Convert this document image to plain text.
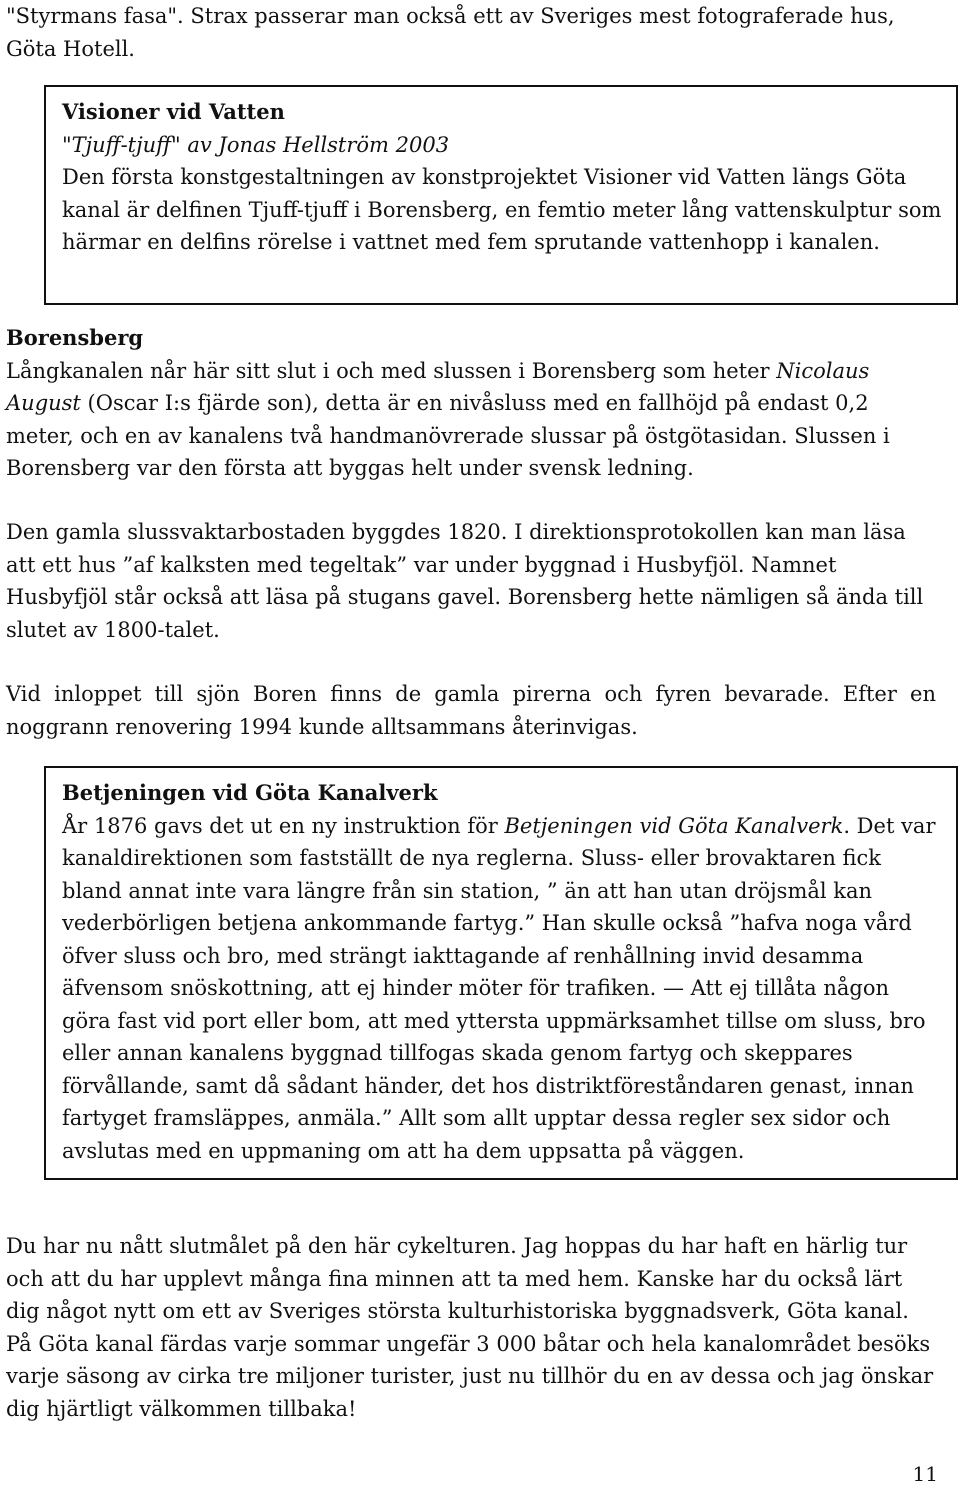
"Styrmans fasa". Strax passerar man också ett av Sveriges mest fotograferade hus,
Göta Hotell.

Visioner vid Vatten
"Tjuff-tjuff" av Jonas Hellström 2003
Den första konstgestaltningen av konstprojektet Visioner vid Vatten längs Göta kanal är delfinen Tjuff-tjuff i Borensberg, en femtio meter lång vattenskulptur som härmar en delfins rörelse i vattnet med fem sprutande vattenhopp i kanalen.
Borensberg
Långkanalen når här sitt slut i och med slussen i Borensberg som heter Nicolaus August (Oscar I:s fjärde son), detta är en nivåsluss med en fallhöjd på endast 0,2 meter, och en av kanalens två handmanövrerade slussar på östgötasidan. Slussen i Borensberg var den första att byggas helt under svensk ledning.

Den gamla slussvaktarbostaden byggdes 1820. I direktionsprotokollen kan man läsa att ett hus ”af kalksten med tegeltak” var under byggnad i Husbyfjöl. Namnet Husbyfjöl står också att läsa på stugans gavel. Borensberg hette nämligen så ända till slutet av 1800-talet.

Vid inloppet till sjön Boren finns de gamla pirerna och fyren bevarade. Efter en noggrann renovering 1994 kunde alltsammans återinvigas.

Betjeningen vid Göta Kanalverk
År 1876 gavs det ut en ny instruktion för Betjeningen vid Göta Kanalverk. Det var kanaldirektionen som fastställt de nya reglerna. Sluss- eller brovaktaren fick bland annat inte vara längre från sin station, ” än att han utan dröjsmål kan vederbörligen betjena ankommande fartyg.” Han skulle också ”hafva noga vård öfver sluss och bro, med strängt iakttagande af renhållning invid desamma äfvensom snöskottning, att ej hinder möter för trafiken. — Att ej tillåta någon göra fast vid port eller bom, att med yttersta uppmärksamhet tillse om sluss, bro eller annan kanalens byggnad tillfogas skada genom fartyg och skeppares förvållande, samt då sådant händer, det hos distriktföreståndaren genast, innan fartyget framsläppes, anmäla.” Allt som allt upptar dessa regler sex sidor och avslutas med en uppmaning om att ha dem uppsatta på väggen.

Du har nu nått slutmålet på den här cykelturen. Jag hoppas du har haft en härlig tur och att du har upplevt många fina minnen att ta med hem. Kanske har du också lärt dig något nytt om ett av Sveriges största kulturhistoriska byggnadsverk, Göta kanal. På Göta kanal färdas varje sommar ungefär 3 000 båtar och hela kanalområdet besöks varje säsong av cirka tre miljoner turister, just nu tillhör du en av dessa och jag önskar dig hjärtligt välkommen tillbaka!

11
